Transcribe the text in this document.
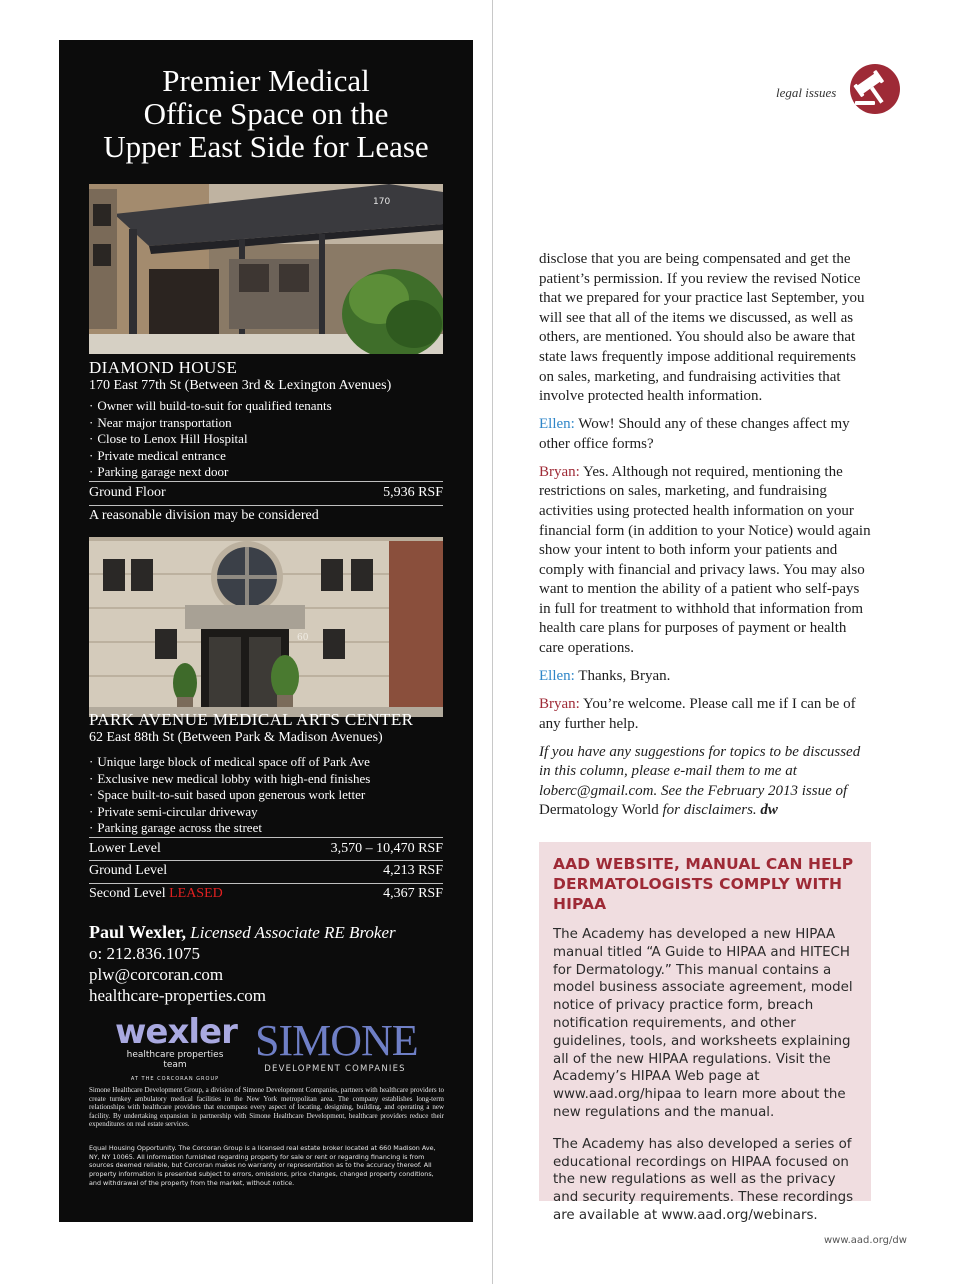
Premier Medical
Office Space on the
Upper East Side for Lease
170
DIAMOND HOUSE
170 East 77th St (Between 3rd & Lexington Avenues)
· Owner will build-to-suit for qualified tenants
· Near major transportation
· Close to Lenox Hill Hospital
· Private medical entrance
· Parking garage next door
Ground Floor	5,936 RSF
A reasonable division may be considered
60
PARK AVENUE MEDICAL ARTS CENTER
62 East 88th St (Between Park & Madison Avenues)
· Unique large block of medical space off of Park Ave
· Exclusive new medical lobby with high-end finishes
· Space built-to-suit based upon generous work letter
· Private semi-circular driveway
· Parking garage across the street
Lower Level	3,570 – 10,470 RSF
Ground Level	4,213 RSF
Second Level LEASED	4,367 RSF
Paul Wexler, Licensed Associate RE Broker
o: 212.836.1075
plw@corcoran.com
healthcare-properties.com
wexler
healthcare properties team
AT THE CORCORAN GROUP
SIMONE
DEVELOPMENT COMPANIES

Simone Healthcare Development Group, a division of Simone Development Companies, partners with healthcare providers to create turnkey ambulatory medical facilities in the New York metropolitan area. The company establishes long-term relationships with healthcare providers that encompass every aspect of locating, designing, building, and operating a new facility. By undertaking expansion in partnership with Simone Healthcare Development, healthcare providers reduce their expenditures on real estate services.

Equal Housing Opportunity. The Corcoran Group is a licensed real estate broker located at 660 Madison Ave, NY, NY 10065. All information furnished regarding property for sale or rent or regarding financing is from sources deemed reliable, but Corcoran makes no warranty or representation as to the accuracy thereof. All property information is presented subject to errors, omissions, price changes, changed property conditions, and withdrawal of the property from the market, without notice.

legal issues

disclose that you are being compensated and get the patient’s permission. If you review the revised Notice that we prepared for your practice last September, you will see that all of the items we discussed, as well as others, are mentioned. You should also be aware that state laws frequently impose additional requirements on sales, marketing, and fundraising activities that involve protected health information.

Ellen: Wow! Should any of these changes affect my other office forms?

Bryan: Yes. Although not required, mentioning the restrictions on sales, marketing, and fundraising activities using protected health information on your financial form (in addition to your Notice) would again show your intent to both inform your patients and comply with financial and privacy laws. You may also want to mention the ability of a patient who self-pays in full for treatment to withhold that information from health care plans for purposes of payment or health care operations.

Ellen: Thanks, Bryan.

Bryan: You’re welcome. Please call me if I can be of any further help.

If you have any suggestions for topics to be discussed in this column, please e-mail them to me at loberc@gmail.com. See the February 2013 issue of Dermatology World for disclaimers. dw

AAD WEBSITE, MANUAL CAN HELP DERMATOLOGISTS COMPLY WITH HIPAA

The Academy has developed a new HIPAA manual titled “A Guide to HIPAA and HITECH for Dermatology.” This manual contains a model business associate agreement, model notice of privacy practice form, breach notification requirements, and other guidelines, tools, and worksheets explaining all of the new HIPAA regulations. Visit the Academy’s HIPAA Web page at www.aad.org/hipaa to learn more about the new regulations and the manual.

The Academy has also developed a series of educational recordings on HIPAA focused on the new regulations as well as the privacy and security requirements. These recordings are available at www.aad.org/webinars.

www.aad.org/dw
